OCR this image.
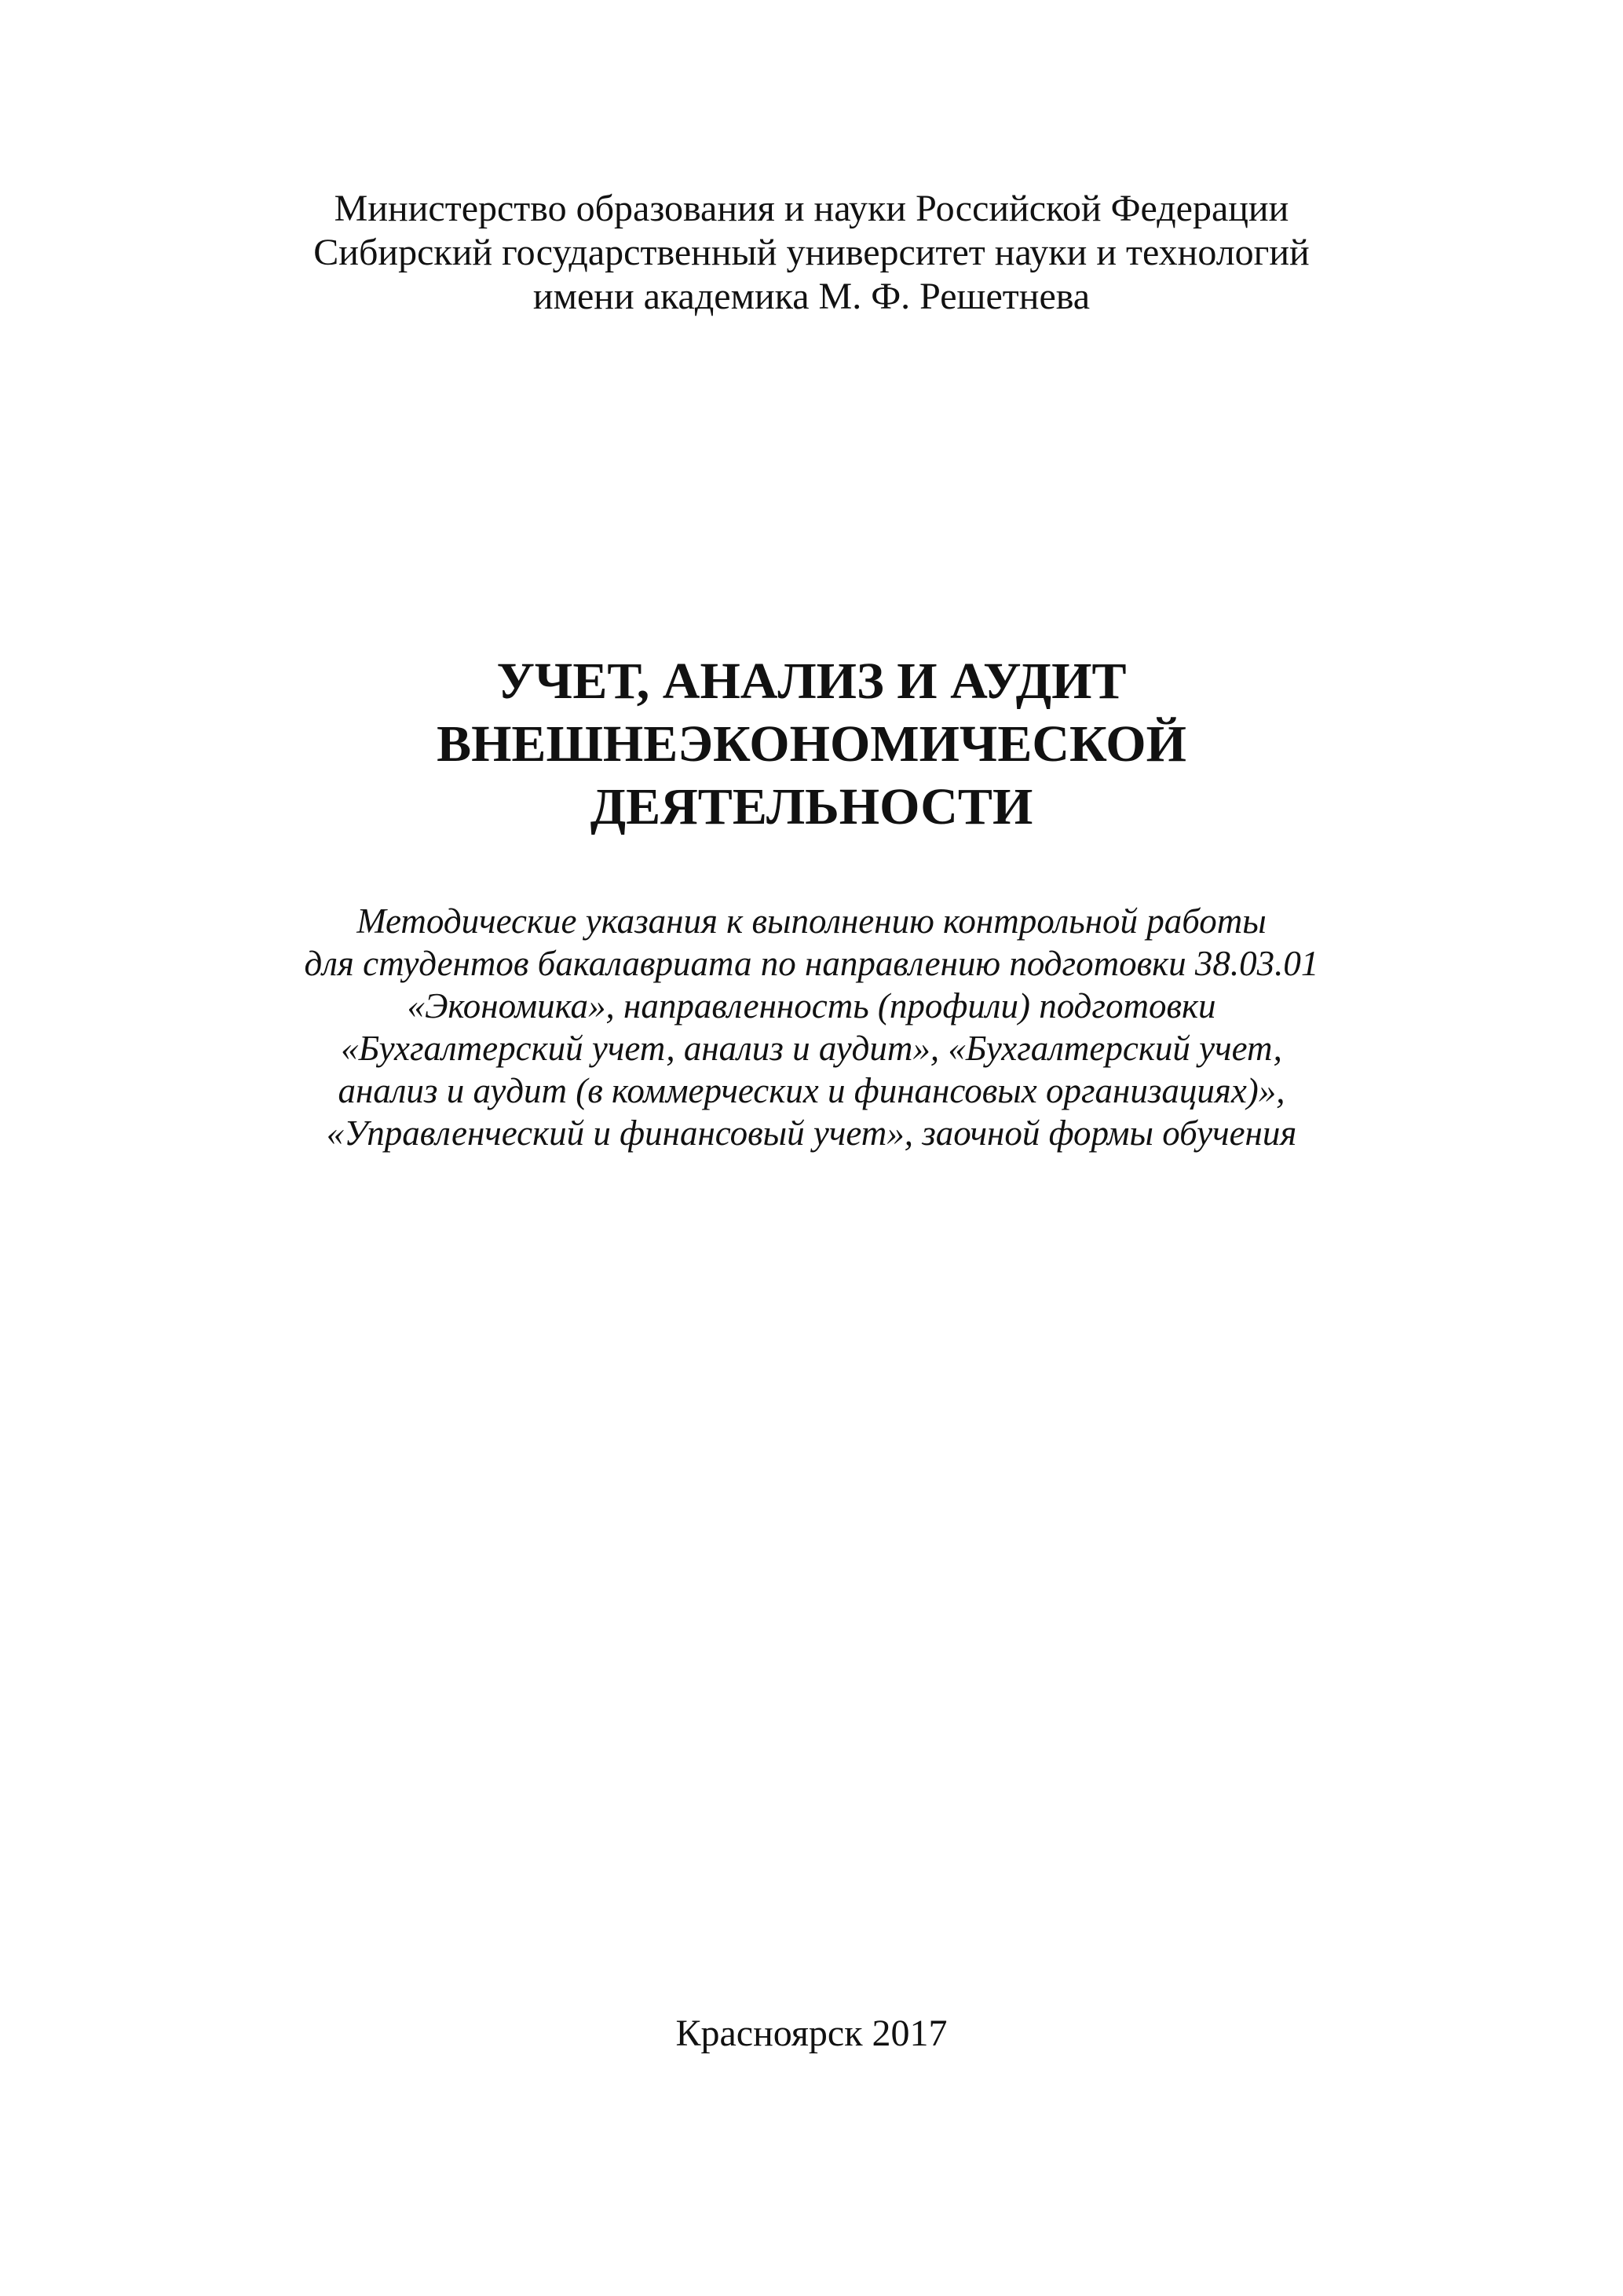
Министерство образования и науки Российской Федерации
Сибирский государственный университет науки и технологий
имени академика М. Ф. Решетнева
УЧЕТ, АНАЛИЗ И АУДИТ
ВНЕШНЕЭКОНОМИЧЕСКОЙ
ДЕЯТЕЛЬНОСТИ
Методические указания к выполнению контрольной работы
для студентов бакалавриата по направлению подготовки 38.03.01
«Экономика», направленность (профили) подготовки
«Бухгалтерский учет, анализ и аудит», «Бухгалтерский учет,
анализ и аудит (в коммерческих и финансовых организациях)»,
«Управленческий и финансовый учет», заочной формы обучения
Красноярск 2017
